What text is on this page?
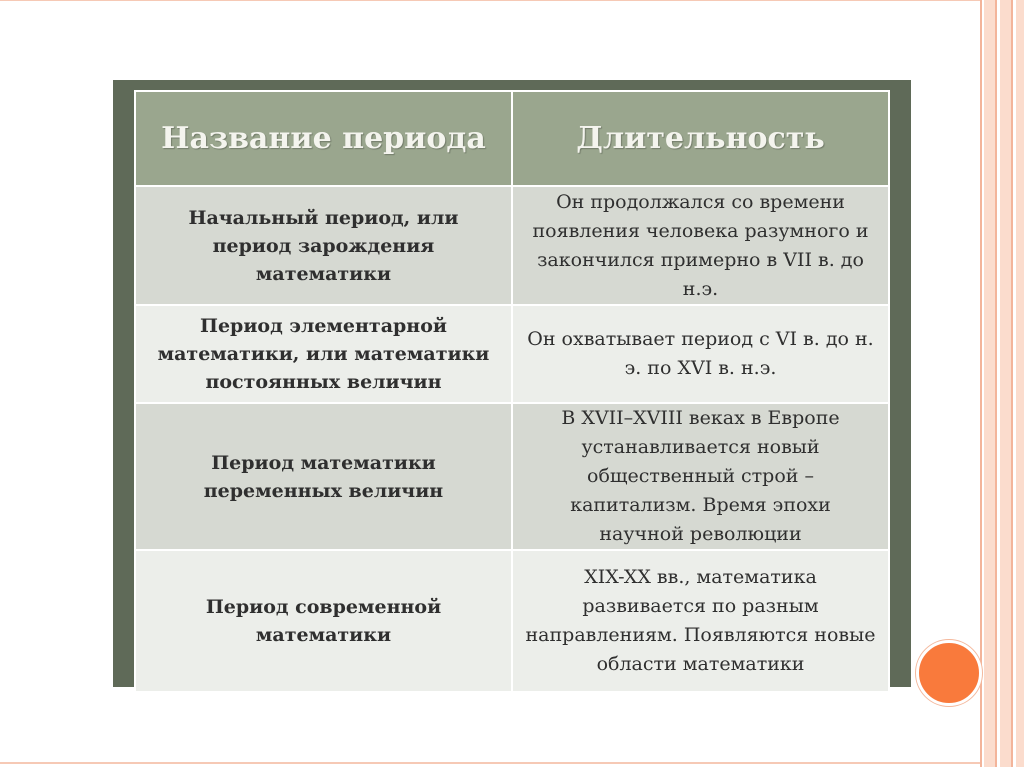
Название периода	Длительность
Начальный период, или период зарождения математики	Он продолжался со времени появления человека разумного и закончился примерно в VII в. до н.э.
Период элементарной математики, или математики постоянных величин	Он охватывает период с VI в. до н. э. по XVI в. н.э.
Период математики переменных величин	В XVII–XVIII веках в Европе устанавливается новый общественный строй – капитализм. Время эпохи научной революции
Период современной математики	XIX-XX вв., математика развивается по разным направлениям. Появляются новые области математики
